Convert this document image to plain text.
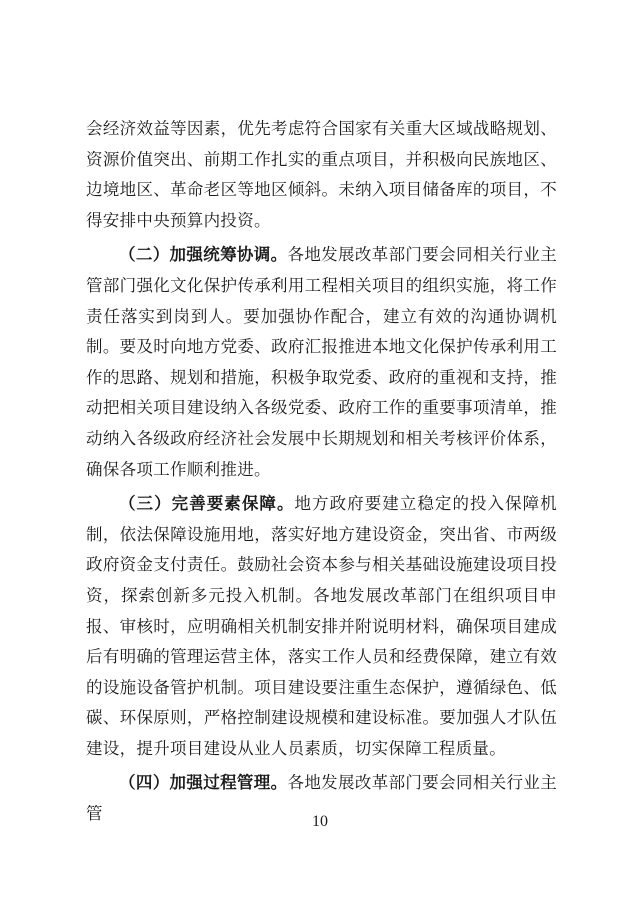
会经济效益等因素，优先考虑符合国家有关重大区域战略规划、资源价值突出、前期工作扎实的重点项目，并积极向民族地区、边境地区、革命老区等地区倾斜。未纳入项目储备库的项目，不得安排中央预算内投资。

（二）加强统筹协调。各地发展改革部门要会同相关行业主管部门强化文化保护传承利用工程相关项目的组织实施，将工作责任落实到岗到人。要加强协作配合，建立有效的沟通协调机制。要及时向地方党委、政府汇报推进本地文化保护传承利用工作的思路、规划和措施，积极争取党委、政府的重视和支持，推动把相关项目建设纳入各级党委、政府工作的重要事项清单，推动纳入各级政府经济社会发展中长期规划和相关考核评价体系，确保各项工作顺利推进。

（三）完善要素保障。地方政府要建立稳定的投入保障机制，依法保障设施用地，落实好地方建设资金，突出省、市两级政府资金支付责任。鼓励社会资本参与相关基础设施建设项目投资，探索创新多元投入机制。各地发展改革部门在组织项目申报、审核时，应明确相关机制安排并附说明材料，确保项目建成后有明确的管理运营主体，落实工作人员和经费保障，建立有效的设施设备管护机制。项目建设要注重生态保护，遵循绿色、低碳、环保原则，严格控制建设规模和建设标准。要加强人才队伍建设，提升项目建设从业人员素质，切实保障工程质量。

（四）加强过程管理。各地发展改革部门要会同相关行业主管	10
